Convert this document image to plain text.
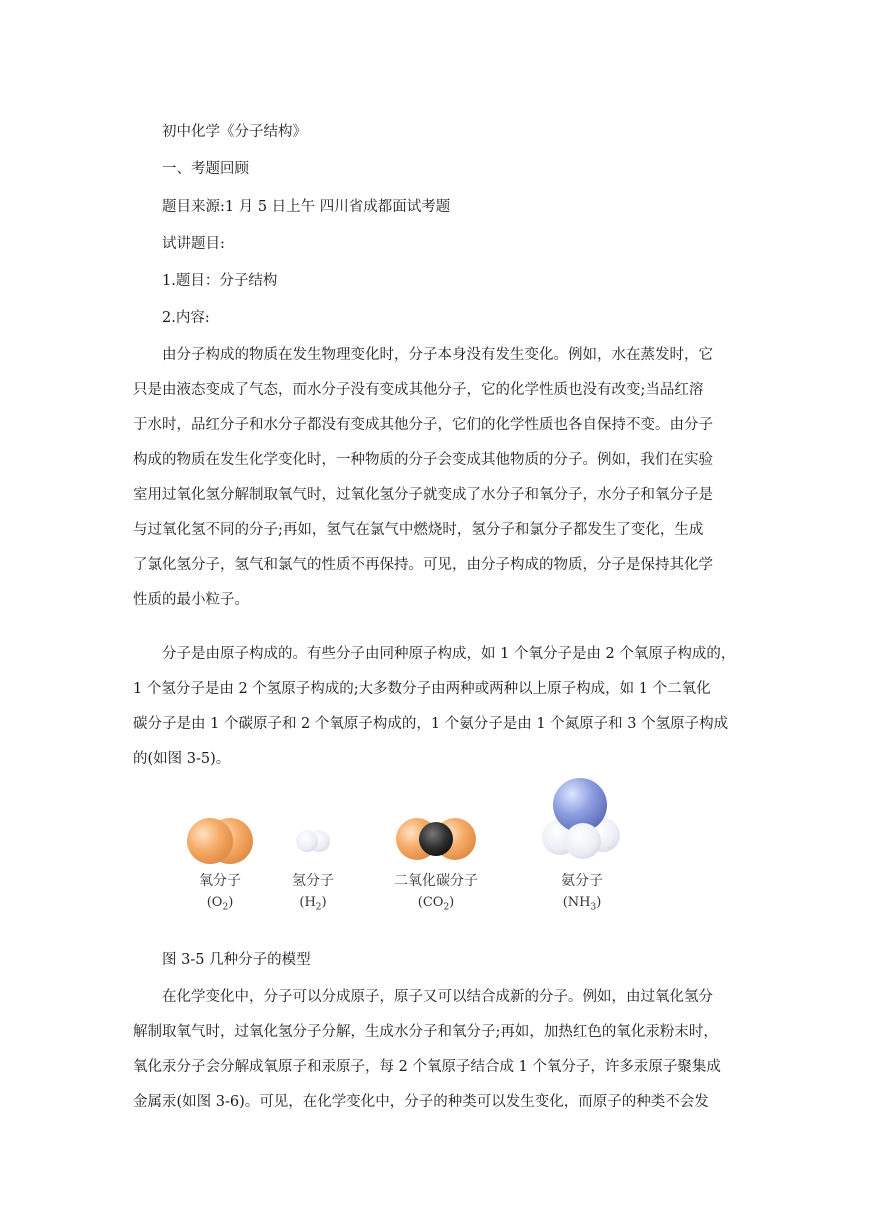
初中化学《分子结构》
一、考题回顾
题目来源:1 月 5 日上午 四川省成都面试考题
试讲题目:
1.题目：分子结构
2.内容:
由分子构成的物质在发生物理变化时，分子本身没有发生变化。例如，水在蒸发时，它
只是由液态变成了气态，而水分子没有变成其他分子，它的化学性质也没有改变;当品红溶
于水时，品红分子和水分子都没有变成其他分子，它们的化学性质也各自保持不变。由分子
构成的物质在发生化学变化时，一种物质的分子会变成其他物质的分子。例如，我们在实验
室用过氧化氢分解制取氧气时，过氧化氢分子就变成了水分子和氧分子，水分子和氧分子是
与过氧化氢不同的分子;再如，氢气在氯气中燃烧时，氢分子和氯分子都发生了变化，生成
了氯化氢分子，氢气和氯气的性质不再保持。可见，由分子构成的物质，分子是保持其化学
性质的最小粒子。
分子是由原子构成的。有些分子由同种原子构成，如 1 个氧分子是由 2 个氧原子构成的，
1 个氢分子是由 2 个氢原子构成的;大多数分子由两种或两种以上原子构成，如 1 个二氧化
碳分子是由 1 个碳原子和 2 个氧原子构成的，1 个氨分子是由 1 个氮原子和 3 个氢原子构成
的(如图 3-5)。
氧分子
$(O_2)$
氢分子
$(H_2)$
二氧化碳分子
$(CO_2)$
氨分子
$(NH_3)$
图 3-5 几种分子的模型
在化学变化中，分子可以分成原子，原子又可以结合成新的分子。例如，由过氧化氢分
解制取氧气时，过氧化氢分子分解，生成水分子和氧分子;再如，加热红色的氧化汞粉末时，
氧化汞分子会分解成氧原子和汞原子，每 2 个氧原子结合成 1 个氧分子，许多汞原子聚集成
金属汞(如图 3-6)。可见，在化学变化中，分子的种类可以发生变化，而原子的种类不会发
